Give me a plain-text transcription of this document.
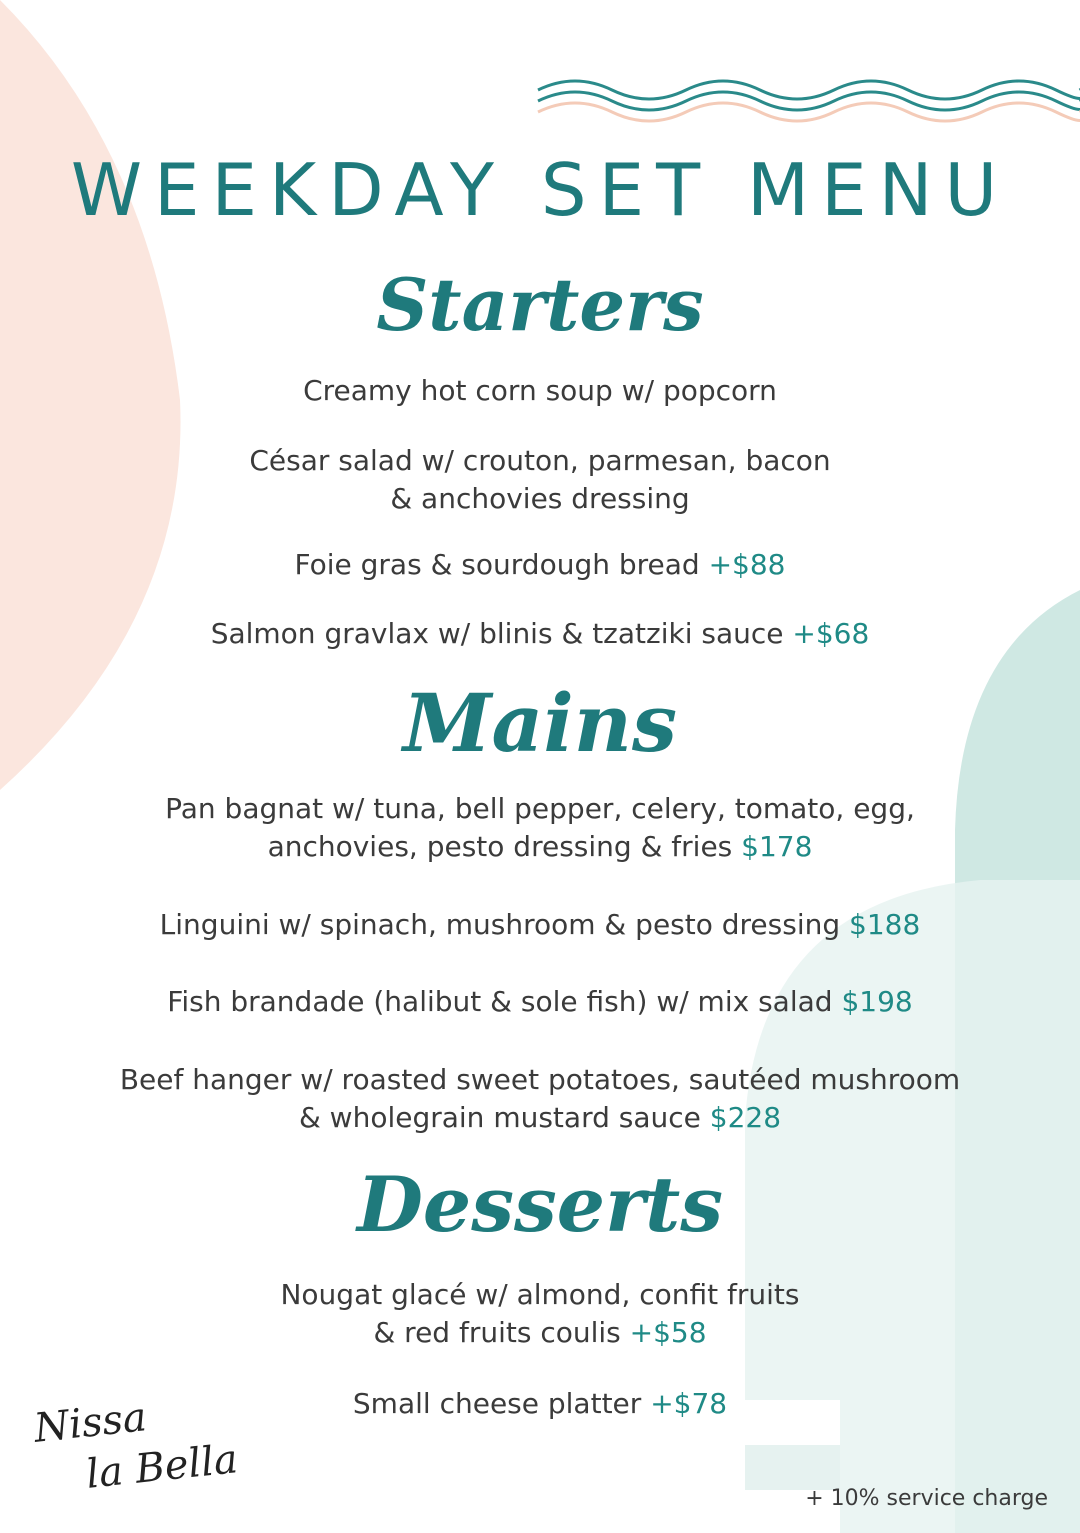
WEEKDAY SET MENU
Starters

Creamy hot corn soup w/ popcorn

César salad w/ crouton, parmesan, bacon
& anchovies dressing

Foie gras & sourdough bread +$88

Salmon gravlax w/ blinis & tzatziki sauce +$68

Mains

Pan bagnat w/ tuna, bell pepper, celery, tomato, egg,
anchovies, pesto dressing & fries $178

Linguini w/ spinach, mushroom & pesto dressing $188

Fish brandade (halibut & sole fish) w/ mix salad $198

Beef hanger w/ roasted sweet potatoes, sautéed mushroom
& wholegrain mustard sauce $228

Desserts

Nougat glacé w/ almond, confit fruits
& red fruits coulis +$58

Small cheese platter +$78

Nissa

la Bella

+ 10% service charge
